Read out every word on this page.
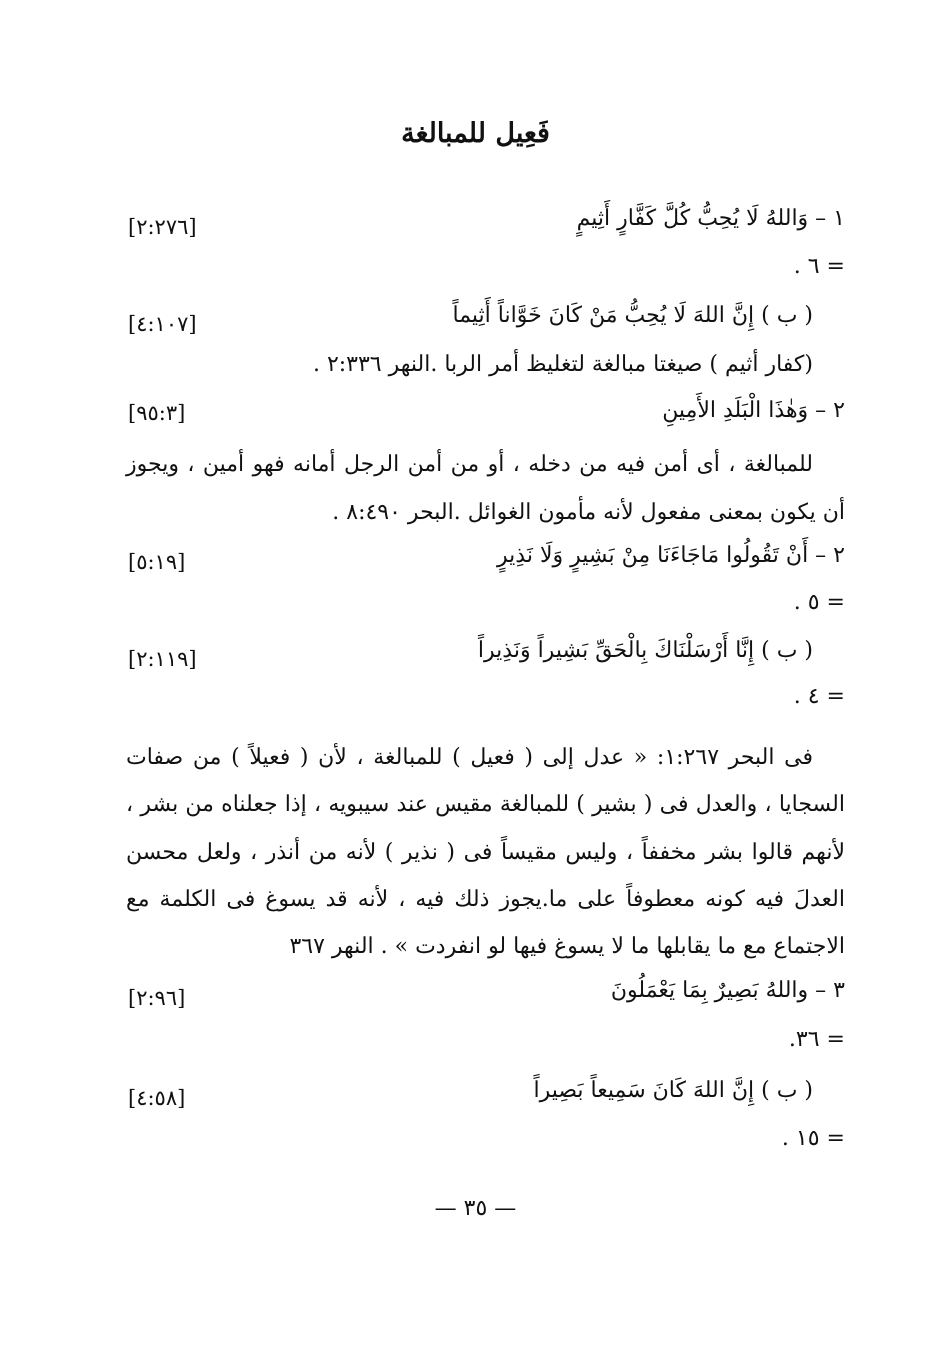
فَعِيل للمبالغة
١ – وَاللهُ لَا يُحِبُّ كُلَّ كَفَّارٍ أَثِيمٍ
= ٦ .
( ب ) إِنَّ اللهَ لَا يُحِبُّ مَنْ كَانَ خَوَّاناً أَثِيماً
(كفار أثيم ) صيغتا مبالغة لتغليظ أمر الربا .النهر ٢:٣٣٦ .
٢ – وَهٰذَا الْبَلَدِ الأَمِينِ
للمبالغة ، أى أمن فيه من دخله ، أو من أمن الرجل أمانه فهو أمين ، ويجوز
أن يكون بمعنى مفعول لأنه مأمون الغوائل .البحر ٨:٤٩٠ .
٢ – أَنْ تَقُولُوا مَاجَاءَنَا مِنْ بَشِيرٍ وَلَا نَذِيرٍ
= ٥ .
( ب ) إِنَّا أَرْسَلْنَاكَ بِالْحَقِّ بَشِيراً وَنَذِيراً
= ٤ .
فى البحر ١:٢٦٧: « عدل إلى ( فعيل ) للمبالغة ، لأن ( فعيلاً ) من صفات
السجايا ، والعدل فى ( بشير ) للمبالغة مقيس عند سيبويه ، إذا جعلناه من بشر ،
لأنهم قالوا بشر مخففاً ، وليس مقيساً فى ( نذير ) لأنه من أنذر ، ولعل محسن
العدلَ فيه كونه معطوفاً على ما.يجوز ذلك فيه ، لأنه قد يسوغ فى الكلمة مع
الاجتماع مع ما يقابلها ما لا يسوغ فيها لو انفردت » . النهر ٣٦٧
٣ – واللهُ بَصِيرٌ بِمَا يَعْمَلُونَ
= ٣٦.
( ب ) إِنَّ اللهَ كَانَ سَمِيعاً بَصِيراً
= ١٥ .
[٢:٢٧٦]
[٤:١٠٧]
[٩٥:٣]
[٥:١٩]
[٢:١١٩]
[٢:٩٦]
[٤:٥٨]
— ٣٥ —
